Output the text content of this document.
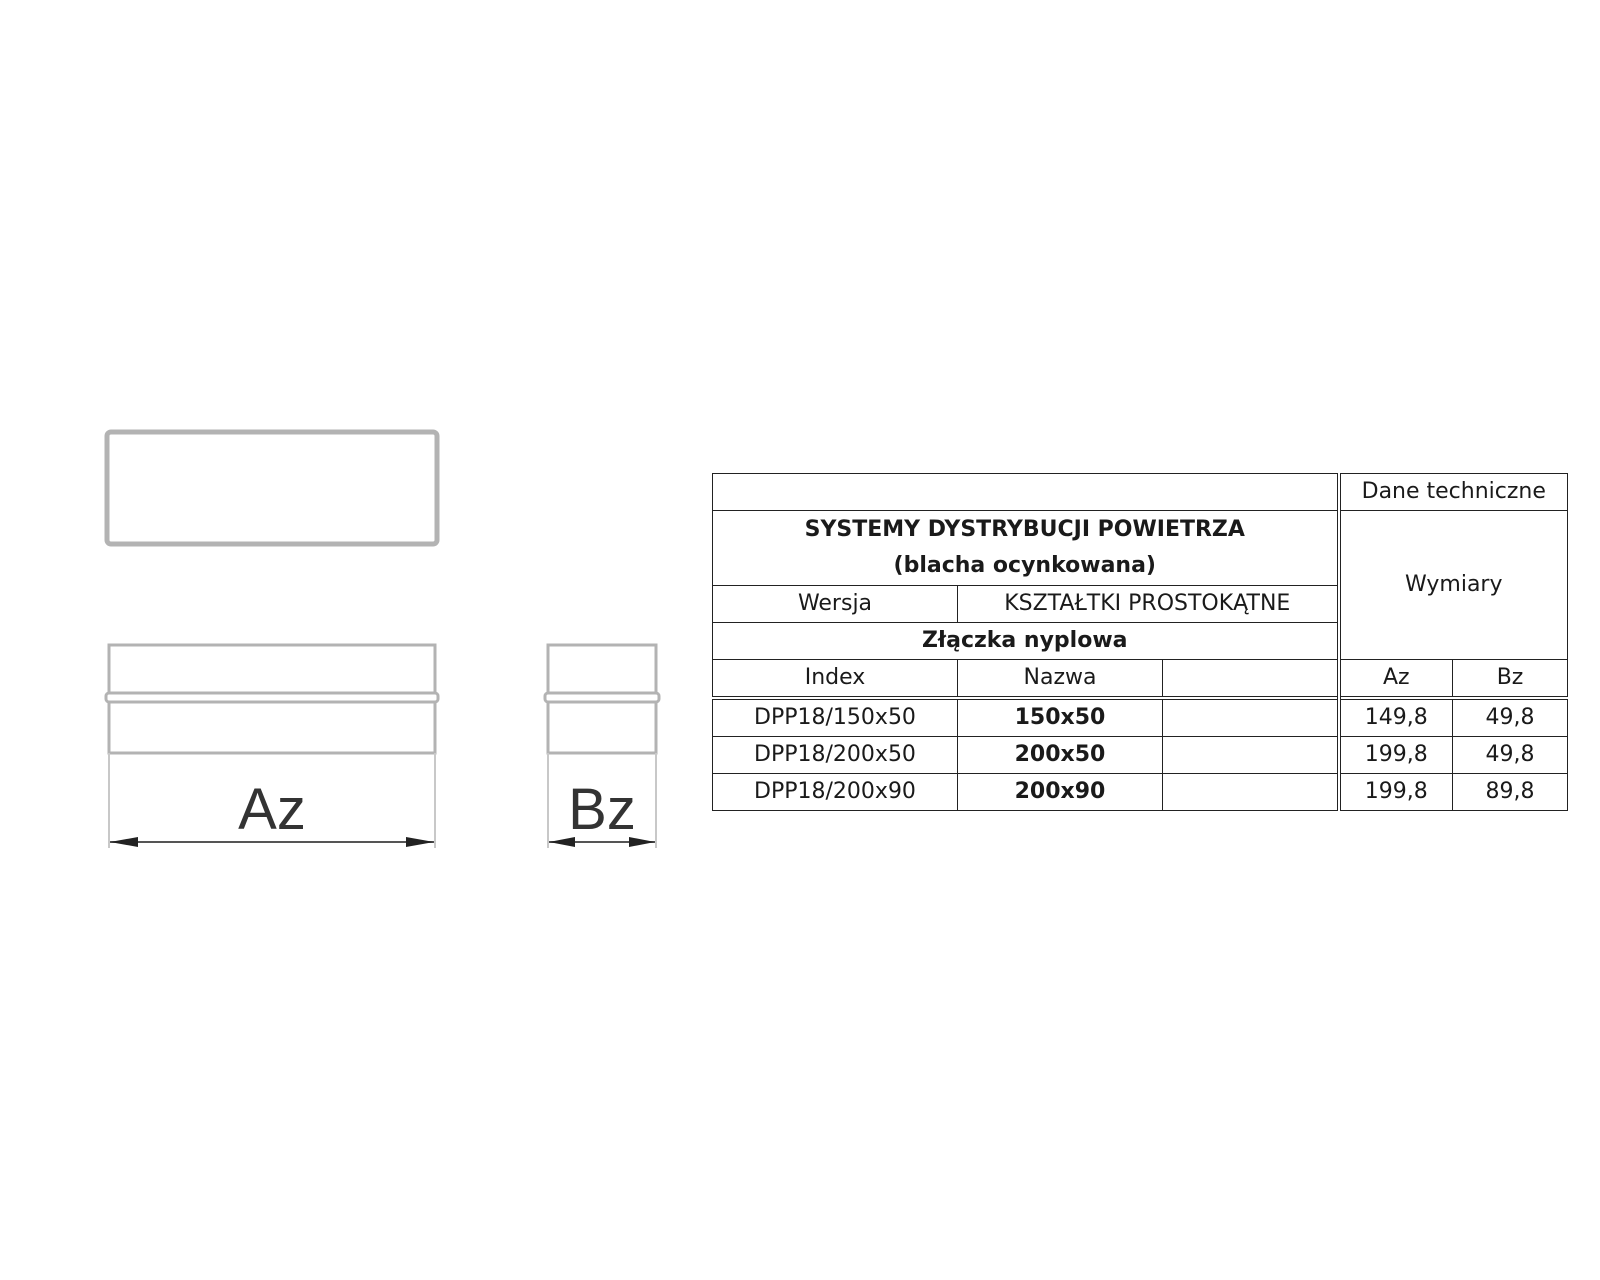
Az	Bz
			Dane techniczne	

SYSTEMY DYSTRYBUCJI POWIETRZA
(blacha ocynkowana)			Wymiary	
Wersja	KSZTAŁTKI PROSTOKĄTNE			
Złączka nyplowa				
Index	Nazwa		Az	Bz
DPP18/150x50	150x50		149,8	49,8
DPP18/200x50	200x50		199,8	49,8
DPP18/200x90	200x90		199,8	89,8
